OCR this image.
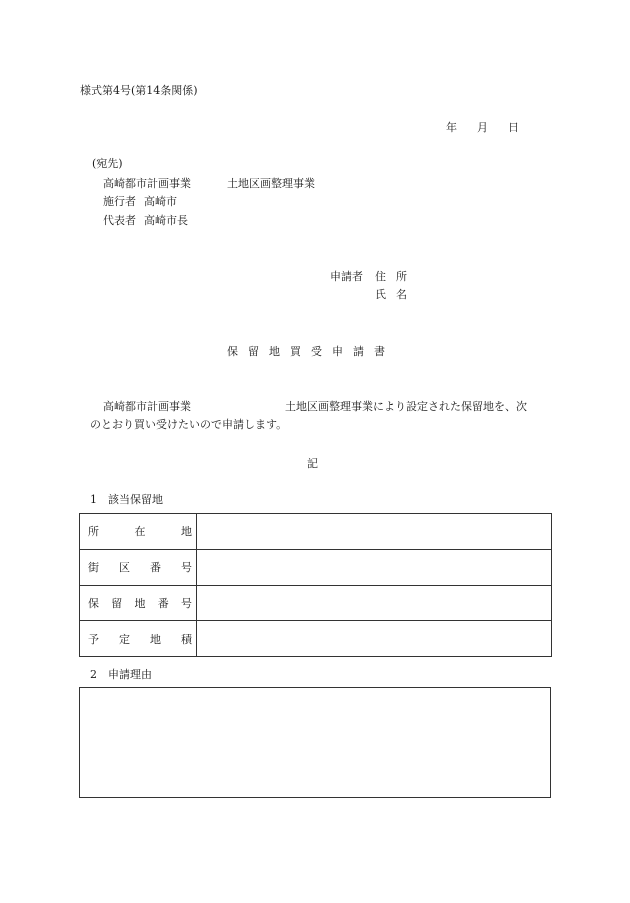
様式第4号(第14条関係)
年 月 日
(宛先)
高崎都市計画事業	土地区画整理事業
施行者 高崎市
代表者 高崎市長
申請者 住所
氏名
保留地買受申請書
高崎都市計画事業	土地区画整理事業により設定された保留地を、次
のとおり買い受けたいので申請します。
記
1 該当保留地
所 在 地	

街 区 番 号	

保 留 地 番 号	

予 定 地 積	

2 申請理由
